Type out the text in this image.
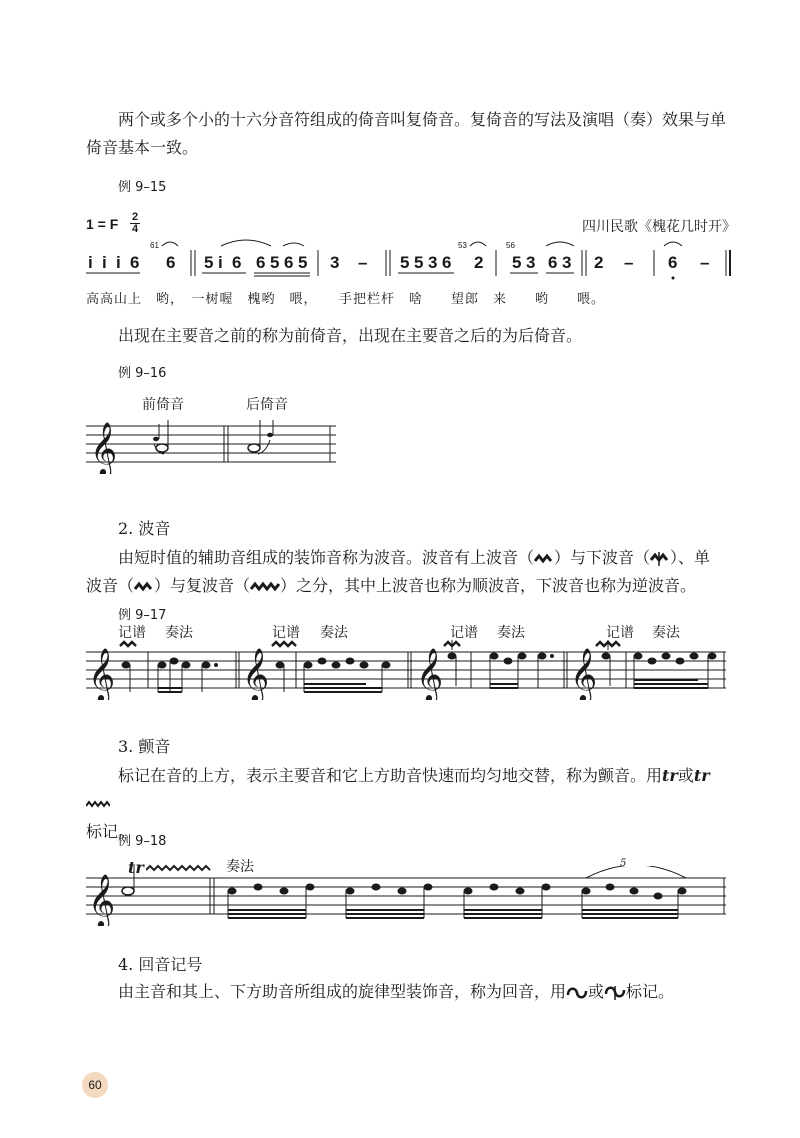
两个或多个小的十六分音符组成的倚音叫复倚音。复倚音的写法及演唱（奏）效果与单倚音基本一致。
例 9–15
1 = F 2
4	四川民歌《槐花几时开》
i i i 6
61
6 5 i 6 6 5 6 5 3 – 5 5 3 6
53
2
56
5 3 6 3 2 – 6 –
高高山上　哟，　一树喔　槐哟　喂，　　手把栏杆　啥　　望郎　来　　哟　　喂。
出现在主要音之前的称为前倚音，出现在主要音之后的为后倚音。
例 9–16
前倚音	后倚音
𝄞
2. 波音
由短时值的辅助音组成的装饰音称为波音。波音有上波音（ ）与下波音（ ）、单波音（ ）与复波音（ ）之分，其中上波音也称为顺波音，下波音也称为逆波音。
例 9–17
记谱 奏法	记谱 奏法	记谱 奏法	记谱 奏法
𝄞	𝄞	𝄞	𝄞
3. 颤音
标记在音的上方，表示主要音和它上方助音快速而均匀地交替，称为颤音。用tr或tr
标记。
例 9–18
tr	奏法	5
𝄞
4. 回音记号
由主音和其上、下方助音所组成的旋律型装饰音，称为回音，用 或 标记。
60
